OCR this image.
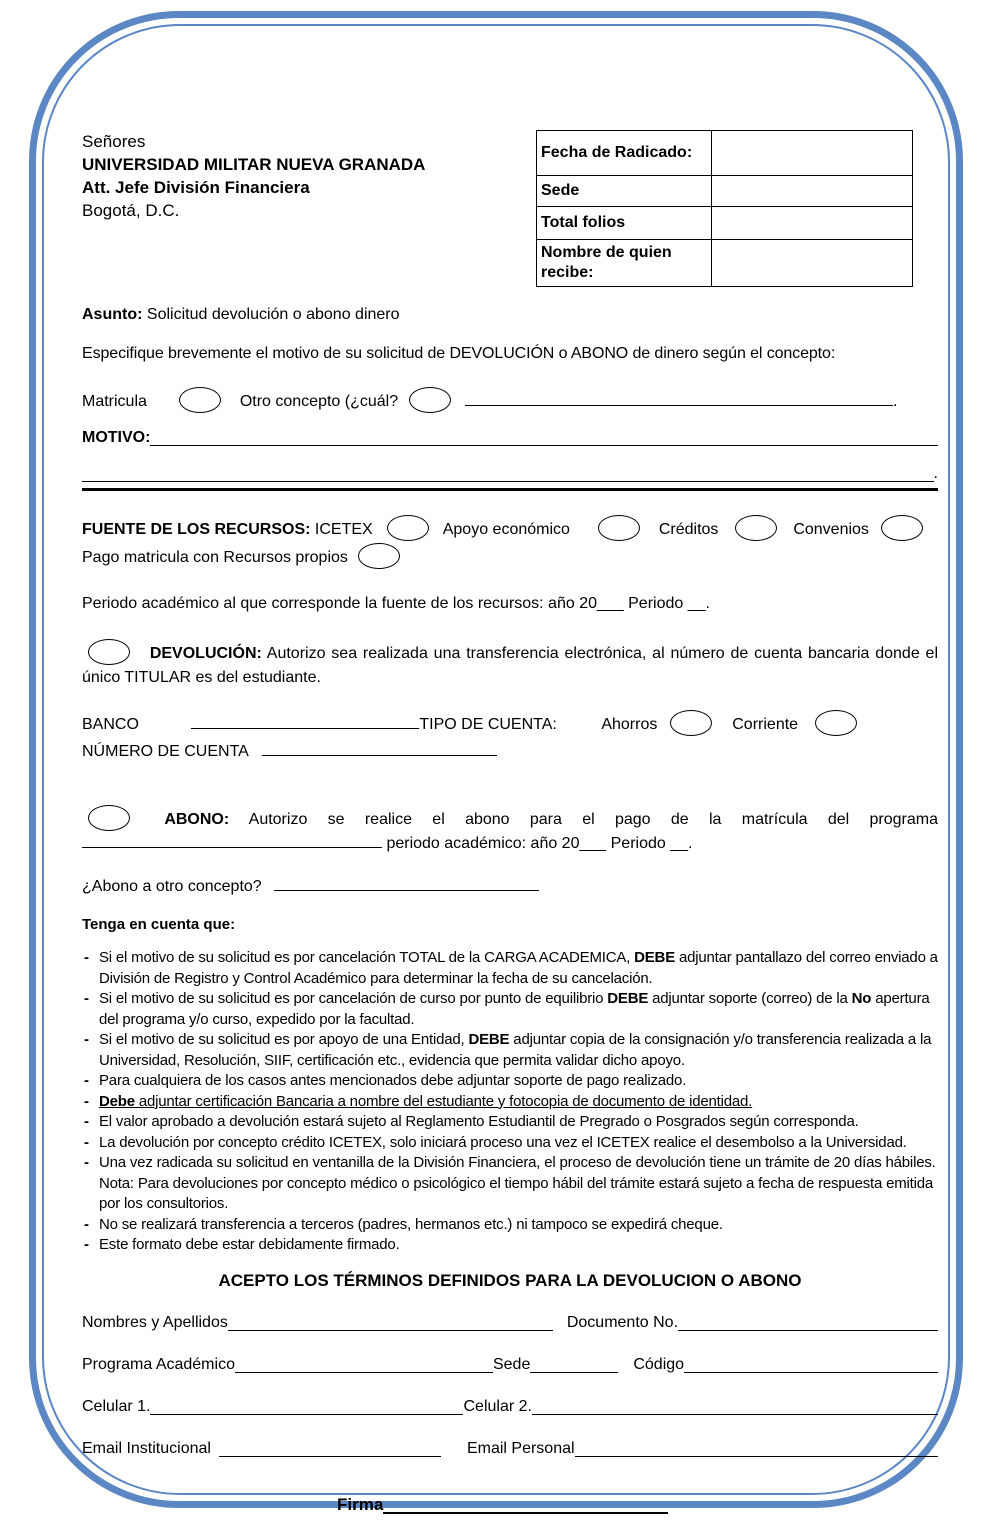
Fecha de Radicado:	
Sede	
Total folios	
Nombre de quien recibe:	
Señores
UNIVERSIDAD MILITAR NUEVA GRANADA
Att. Jefe División Financiera
Bogotá, D.C.
Asunto: Solicitud devolución o abono dinero
Especifique brevemente el motivo de su solicitud de DEVOLUCIÓN o ABONO de dinero según el concepto:
Matricula	Otro concepto (¿cuál?	.
MOTIVO:
.
FUENTE DE LOS RECURSOS: ICETEX	Apoyo económico	Créditos	Convenios
Pago matricula con Recursos propios
Periodo académico al que corresponde la fuente de los recursos: año 20___ Periodo __.
DEVOLUCIÓN: Autorizo sea realizada una transferencia electrónica, al número de cuenta bancaria donde el único TITULAR es del estudiante.
BANCO	TIPO DE CUENTA:	Ahorros	Corriente
NÚMERO DE CUENTA
ABONO: Autorizo se realice el abono para el pago de la matrícula del programa  periodo académico: año 20___ Periodo __.
¿Abono a otro concepto?
Tenga en cuenta que:
- Si el motivo de su solicitud es por cancelación TOTAL de la CARGA ACADEMICA, DEBE adjuntar pantallazo del correo enviado a División de Registro y Control Académico para determinar la fecha de su cancelación.
- Si el motivo de su solicitud es por cancelación de curso por punto de equilibrio DEBE adjuntar soporte (correo) de la No apertura del programa y/o curso, expedido por la facultad.
- Si el motivo de su solicitud es por apoyo de una Entidad, DEBE adjuntar copia de la consignación y/o transferencia realizada a la Universidad, Resolución, SIIF, certificación etc., evidencia que permita validar dicho apoyo.
- Para cualquiera de los casos antes mencionados debe adjuntar soporte de pago realizado.
- Debe adjuntar certificación Bancaria a nombre del estudiante y fotocopia de documento de identidad.
- El valor aprobado a devolución estará sujeto al Reglamento Estudiantil de Pregrado o Posgrados según corresponda.
- La devolución por concepto crédito ICETEX, solo iniciará proceso una vez el ICETEX realice el desembolso a la Universidad.
- Una vez radicada su solicitud en ventanilla de la División Financiera, el proceso de devolución tiene un trámite de 20 días hábiles. Nota: Para devoluciones por concepto médico o psicológico el tiempo hábil del trámite estará sujeto a fecha de respuesta emitida por los consultorios.
- No se realizará transferencia a terceros (padres, hermanos etc.) ni tampoco se expedirá cheque.
- Este formato debe estar debidamente firmado.
ACEPTO LOS TÉRMINOS DEFINIDOS PARA LA DEVOLUCION O ABONO
Nombres y Apellidos	Documento No.
Programa Académico	Sede	Código
Celular 1.	Celular 2.
Email Institucional	Email Personal
Firma
